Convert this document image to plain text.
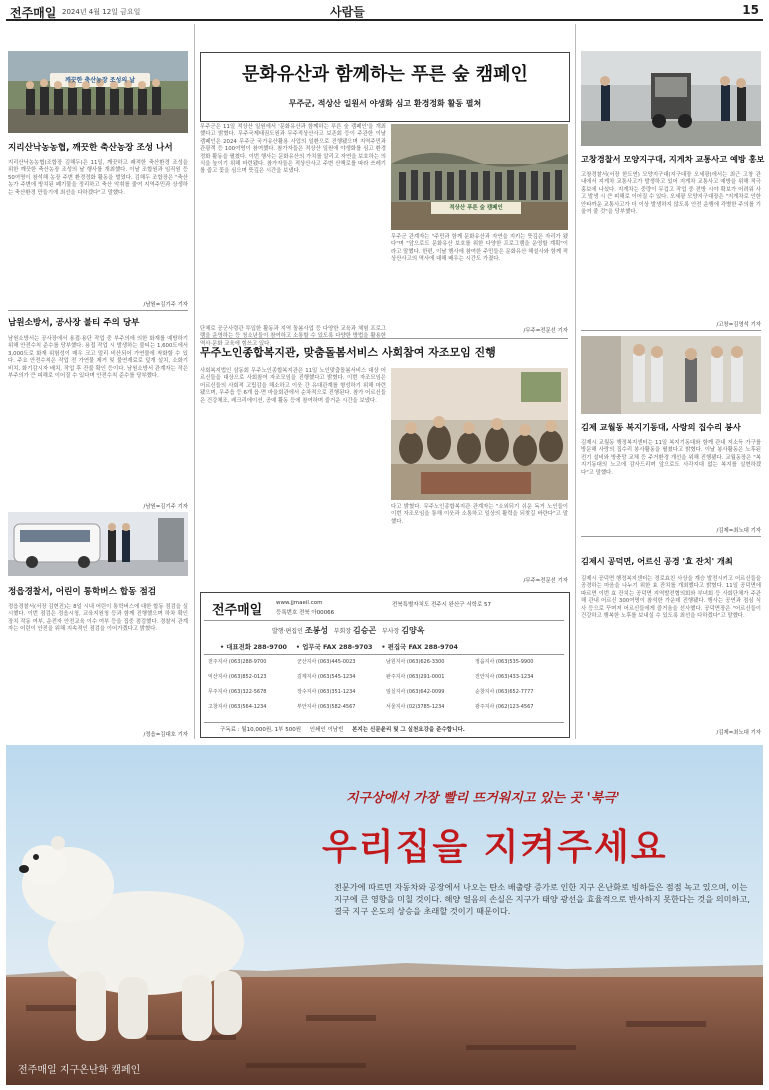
전주매일 2024년 4월 12일 금요일	사람들	15
깨끗한 축산농장 조성의 날
지리산낙농농협, 깨끗한 축산농장 조성 나서
지리산낙농농협(조합장 김해두)은 11일, 깨끗하고 쾌적한 축산환경 조성을 위한 깨끗한 축산농장 조성의 날 행사를 개최했다. 이날 조합원과 임직원 등 50여명이 참석해 농장 주변 환경정화 활동을 벌였다. 김해두 조합장은 "축산농가 주변에 방치된 폐기물을 정리하고 축산 악취를 줄여 지역주민과 상생하는 축산환경 만들기에 최선을 다하겠다"고 말했다.
/남원=김기주 기자
남원소방서, 공사장 불티 주의 당부
남원소방서는 공사장에서 용접·용단 작업 중 부주의에 의한 화재를 예방하기 위해 안전수칙 준수를 당부했다. 용접 작업 시 발생하는 불티는 1,600도에서 3,000도로 화재 위험성이 매우 크고 멀리 비산되어 가연물에 착화할 수 있다. 주요 안전수칙은 작업 전 가연물 제거 및 불연재료로 덮개 설치, 소화기 비치, 화기감시자 배치, 작업 후 잔불 확인 등이다. 남원소방서 관계자는 작은 부주의가 큰 피해로 이어질 수 있다며 안전수칙 준수를 당부했다.
/남원=김기주 기자
정읍경찰서, 어린이 통학버스 합동 점검
정읍경찰서(서장 김현진)는 8일 시내 어린이 통학버스에 대한 합동 점검을 실시했다. 이번 점검은 정읍시청, 교육지원청 등과 함께 진행했으며 하차 확인 장치 작동 여부, 운전자 안전교육 이수 여부 등을 집중 점검했다. 경찰서 관계자는 어린이 안전을 위해 지속적인 점검을 이어가겠다고 밝혔다.
/정읍=김대호 기자
문화유산과 함께하는 푸른 숲 캠페인
무주군, 적상산 일원서 야생화 심고 환경정화 활동 펼쳐
무주군은 11일 적상산 일원에서 '문화유산과 함께하는 푸른 숲 캠페인'을 개최했다고 밝혔다. 무주국제태권도원과 무주적상산사고 보존회 등이 주관한 이날 캠페인은 2024 무주군 국가유산활용 사업의 일환으로 진행됐으며 지역주민과 관광객 등 100여명이 참여했다. 참가자들은 적상산 일원에 야생화를 심고 환경정화 활동을 펼쳤다. 이번 행사는 문화유산의 가치를 알리고 자연을 보호하는 의식을 높이기 위해 마련됐다. 참가자들은 적상산사고 주변 산책로를 따라 쓰레기를 줍고 꽃을 심으며 뜻깊은 시간을 보냈다.
적상산 푸른 숲 캠페인
무주군 관계자는 "주민과 함께 문화유산과 자연을 지키는 뜻깊은 자리가 됐다"며 "앞으로도 문화유산 보호를 위한 다양한 프로그램을 운영할 계획"이라고 말했다. 한편, 이날 행사에 참여한 주민들은 문화유산 해설사와 함께 적상산사고의 역사에 대해 배우는 시간도 가졌다.
단체로 공군사령관 투입한 활동과 지역 돌봄사업 등 다양한 교육과 체험 프로그램을 운영하는 등 청소년들이 참여하고 소통할 수 있도록 다양한 방법을 활용한 역사·문화 교육에 힘쓰고 있다.
/무주=전문선 기자
무주노인종합복지관, 맞춤돌봄서비스 사회참여 자조모임 진행
사회복지법인 삼동회 무주노인종합복지관은 11일 노인맞춤돌봄서비스 대상 어르신들을 대상으로 사회참여 자조모임을 진행했다고 밝혔다. 이번 자조모임은 어르신들의 사회적 고립감을 해소하고 이웃 간 유대관계를 형성하기 위해 마련됐으며, 무주읍 등 6개 읍·면 마을회관에서 순차적으로 진행된다. 참가 어르신들은 건강체조, 레크리에이션, 공예 활동 등에 참여하며 즐거운 시간을 보냈다.
다고 밝혔다. 무주노인종합복지관 관계자는 "소외되기 쉬운 독거 노인들이 이번 자조모임을 통해 이웃과 소통하고 일상의 활력을 되찾길 바란다"고 말했다.
/무주=전문선 기자
전주매일	www.jjmaeil.com
등록번호 전북 아00066
전북특별자치도 전주시 완산구 서학로 57
발행·편집인 조봉성 부회장 김승곤 부사장 김양옥
• 대표전화 288-9700 • 업무국 FAX 288-9703 • 편집국 FAX 288-9704
전주지사 (063)288-9700	군산지사 (063)445-0023	남원지사 (063)626-3300	정읍지사 (063)535-9900
익산지사 (063)852-0123	김제지사 (063)545-1234	완주지사 (063)291-0001	진안지사 (063)433-1234
무주지사 (063)322-5678	장수지사 (063)351-1234	임실지사 (063)642-0099	순창지사 (063)652-7777
고창지사 (063)564-1234	부안지사 (063)582-4567	서울지사 (02)3785-1234	광주지사 (062)123-4567
구독료 : 월10,000원, 1부 500원 인쇄인 이남빈 본지는 신문윤리 및 그 실천요강을 준수합니다.
고창경찰서 모양지구대, 지게차 교통사고 예방 홍보
고창경찰서(서장 한도연) 모양지구대(지구대장 오세광)에서는 최근 고창 관내에서 지게차 교통사고가 발생하고 있어 지게차 교통사고 예방을 위해 적극 홍보에 나섰다. 지게차는 중량이 무겁고 작업 중 전방 시야 확보가 어려워 사고 발생 시 큰 피해로 이어질 수 있다. 오세광 모양지구대장은 "지게차로 인한 안타까운 교통사고가 더 이상 발생하지 않도록 안전 운행에 각별한 주의를 기울여 줄 것"을 당부했다.
/고창=김영석 기자
김제 교월동 복지기동대, 사랑의 집수리 봉사
김제시 교월동 행정복지센터는 11일 복지기동대와 함께 관내 저소득 가구를 방문해 사랑의 집수리 봉사활동을 펼쳤다고 밝혔다. 이날 봉사활동은 노후된 전기 설비와 방충망 교체 등 주거환경 개선을 위해 진행됐다. 교월동장은 "복지기동대의 노고에 감사드리며 앞으로도 사각지대 없는 복지를 실현하겠다"고 말했다.
/김제=최노대 기자
김제시 공덕면, 어르신 공경 '효 잔치' 개최
김제시 공덕면 행정복지센터는 경로효친 사상을 계승 발전시키고 어르신들을 공경하는 마음을 나누기 위한 효 잔치를 개최했다고 밝혔다. 11일 공덕면에 따르면 이번 효 잔치는 공덕면 지역발전협의회와 부녀회 등 사회단체가 주관해 관내 어르신 300여명이 참석한 가운데 진행됐다. 행사는 공연과 점심 식사 등으로 꾸며져 어르신들에게 즐거움을 선사했다. 공덕면장은 "어르신들이 건강하고 행복한 노후를 보내실 수 있도록 최선을 다하겠다"고 말했다.
/김제=최노대 기자
지구상에서 가장 빨리 뜨거워지고 있는 곳 '북극'
우리집을 지켜주세요
전문가에 따르면 자동차와 공장에서 나오는 탄소 배출량 증가로 인한 지구 온난화로 빙하들은 점점 녹고 있으며, 이는 지구에 큰 영향을 미칠 것이다. 해양 얼음의 손실은 지구가 태양 광선을 효율적으로 반사하지 못한다는 것을 의미하고, 결국 지구 온도의 상승을 초래할 것이기 때문이다.
전주매일 지구온난화 캠페인
